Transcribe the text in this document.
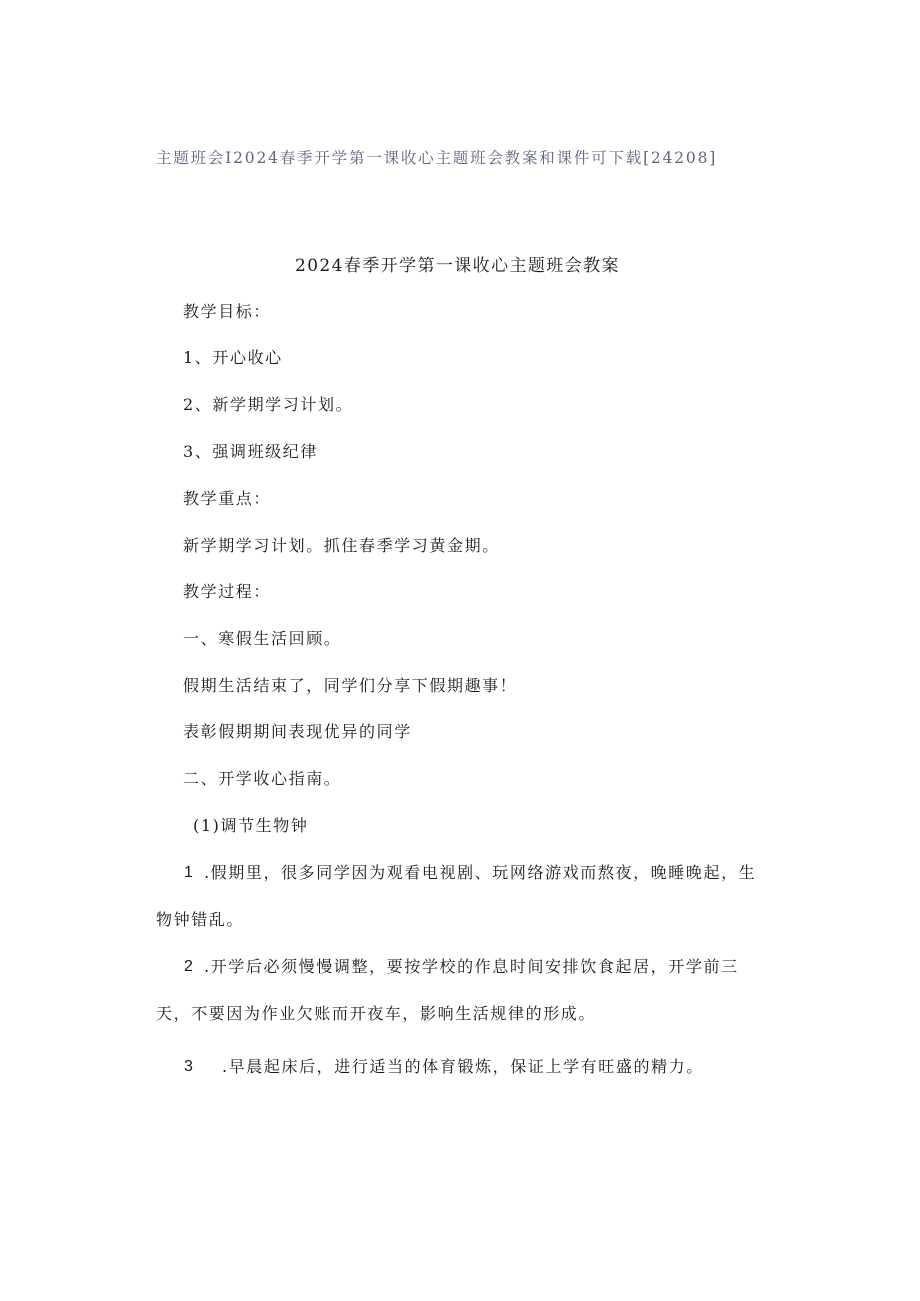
主题班会I2024春季开学第一课收心主题班会教案和课件可下载[24208]
2024春季开学第一课收心主题班会教案
教学目标：
1、开心收心
2、新学期学习计划。
3、强调班级纪律
教学重点：
新学期学习计划。抓住春季学习黄金期。
教学过程：
一、寒假生活回顾。
假期生活结束了，同学们分享下假期趣事！
表彰假期期间表现优异的同学
二、开学收心指南。
(1)调节生物钟
1 .假期里，很多同学因为观看电视剧、玩网络游戏而熬夜，晚睡晚起，生
物钟错乱。
2 .开学后必须慢慢调整，要按学校的作息时间安排饮食起居，开学前三
天，不要因为作业欠账而开夜车，影响生活规律的形成。
3 .早晨起床后，进行适当的体育锻炼，保证上学有旺盛的精力。
